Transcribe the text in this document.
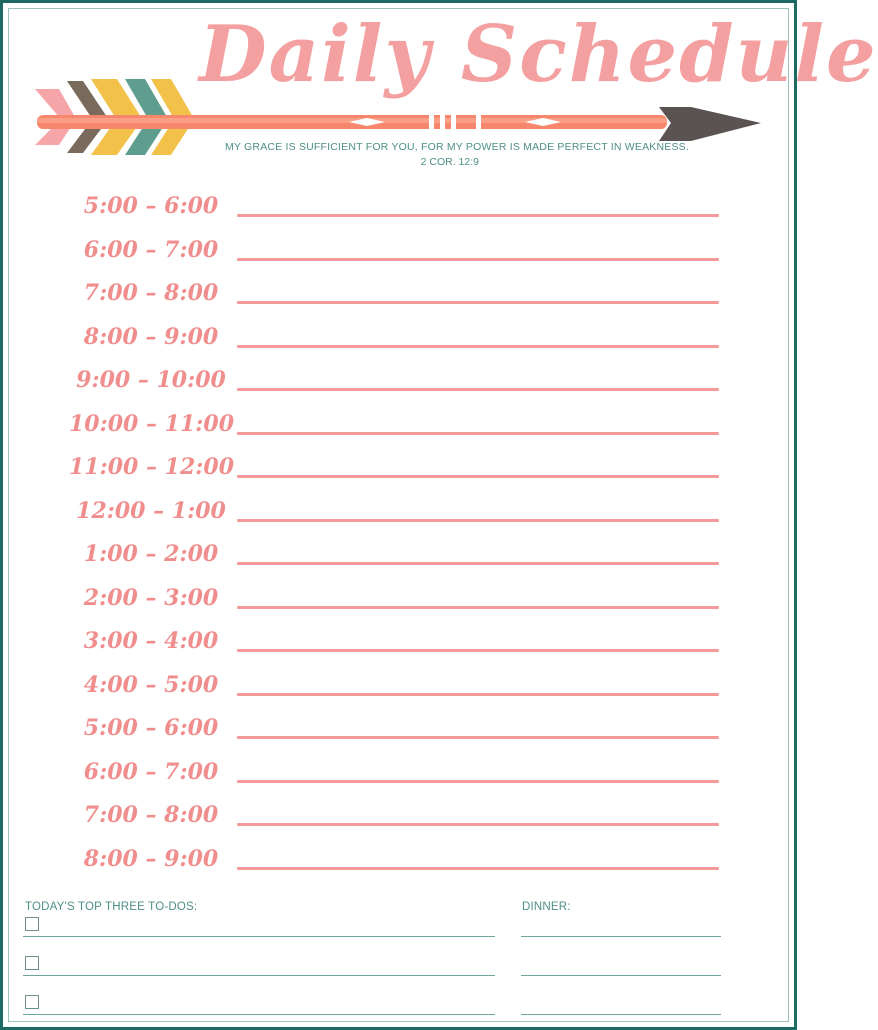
Daily Schedule
MY GRACE IS SUFFICIENT FOR YOU, FOR MY POWER IS MADE PERFECT IN WEAKNESS.
2 COR. 12:9
5:00 – 6:00
6:00 – 7:00
7:00 – 8:00
8:00 – 9:00
9:00 – 10:00
10:00 – 11:00
11:00 – 12:00
12:00 – 1:00
1:00 – 2:00
2:00 – 3:00
3:00 – 4:00
4:00 – 5:00
5:00 – 6:00
6:00 – 7:00
7:00 – 8:00
8:00 – 9:00
TODAY'S TOP THREE TO-DOS:	DINNER:
